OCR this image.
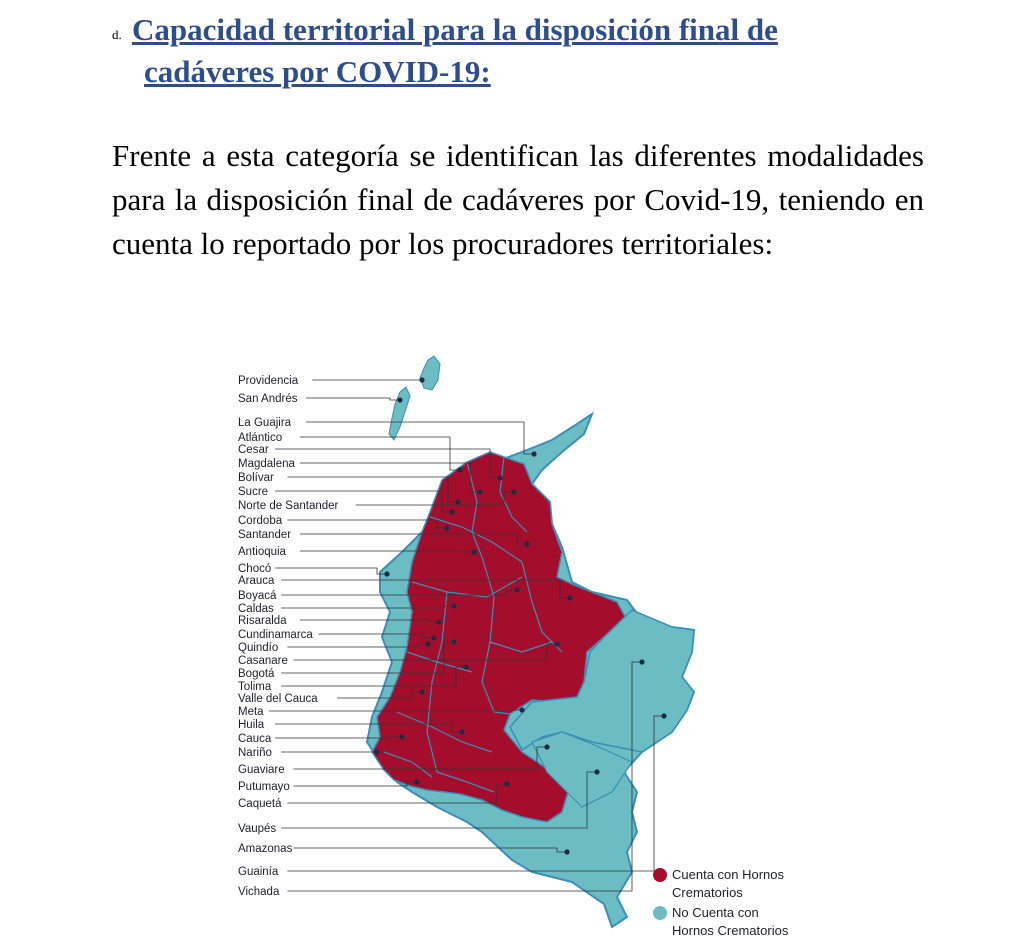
d. Capacidad territorial para la disposición final de
cadáveres por COVID-19:
Frente a esta categoría se identifican las diferentes modalidades para la disposición final de cadáveres por Covid-19, teniendo en cuenta lo reportado por los procuradores territoriales:
Providencia
San Andrés
La Guajira
Atlántico
Cesar
Magdalena
Bolívar
Sucre
Norte de Santander
Cordoba
Santander
Antioquia
Chocó
Arauca
Boyacá
Caldas
Risaralda
Cundinamarca
Quindío
Casanare
Bogotá
Tolima
Valle del Cauca
Meta
Huila
Cauca
Nariño
Guaviare
Putumayo
Caquetá
Vaupés
Amazonas
Guainía
Vichada
Cuenta con Hornos
Crematorios
No Cuenta con
Hornos Crematorios
